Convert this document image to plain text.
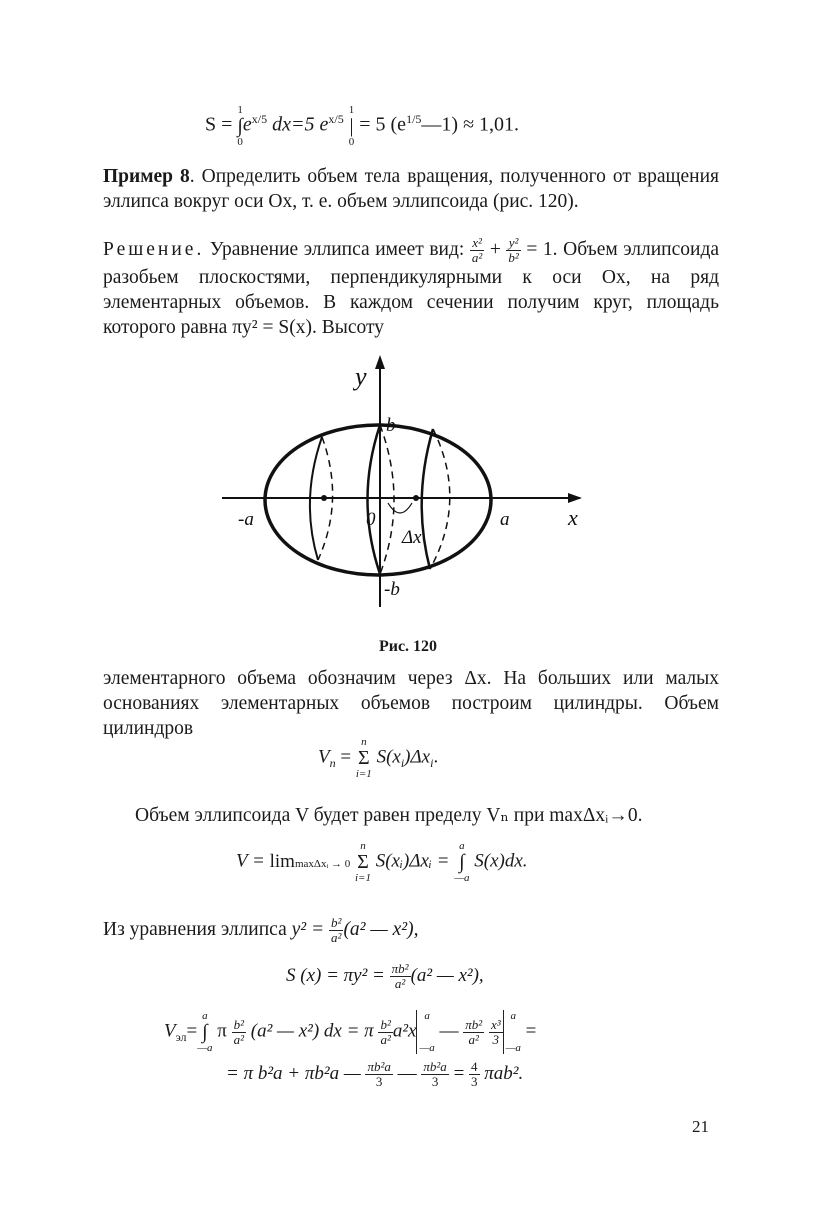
S = 1
∫
$0e^{x/5}$ dx=5 $e^{x/5}$ 1
|
0 = 5 $(e^{1/5}—1) \approx 1,01$.
Пример 8. Определить объем тела вращения, полученного от вращения эллипса вокруг оси Ox, т. е. объем эллипсоида (рис. 120).
Решение. Уравнение эллипса имеет вид: $\frac{\text{x²}}{\text{a²}} + \frac{\text{y²}}{\text{b²}} = 1$. Объем эллипсоида разобьем плоскостями, перпендикулярными к оси Ox, на ряд элементарных объемов. В каждом сечении получим круг, площадь которого равна πy² = S(x). Высоту
y
x
b
-b
a
-a	0
Δx
Рис. 120
элементарного объема обозначим через Δx. На больших или малых основаниях элементарных объемов построим цилиндры. Объем цилиндров
$V_n = n$
Σ
i=1 $S(x_i)\Delta x_i$.
Объем эллипсоида V будет равен пределу Vₙ при maxΔxᵢ→0.
V = limmaxΔxᵢ → 0 n
Σ
i=1 S(xᵢ)Δxᵢ = a
∫
—a S(x)dx.
Из уравнения эллипса $y^2 = \frac{\text{b²}}{\text{a²}} (a^2$ — x²),
S $(x) = \pi y^2 = \frac{\text{πb²}}{\text{a²}} (a^2$ — x²),
$V_{эл}=a$
∫
—a π $\frac{\text{b²}}{\text{a²}} (a^2$ — x²) dx = π $\frac{\text{b²}}{\text{a²}} a^2xa$

—a — $\frac{\text{πb²}}{\text{a²}}$
$\frac{\text{x³}}{3}$
a

—a =
= π b²a + πb²a — $\frac{\text{πb²a}}{3}$ — $\frac{\text{πb²a}}{3} = \frac{4}{3} \pi ab^2$.
21
